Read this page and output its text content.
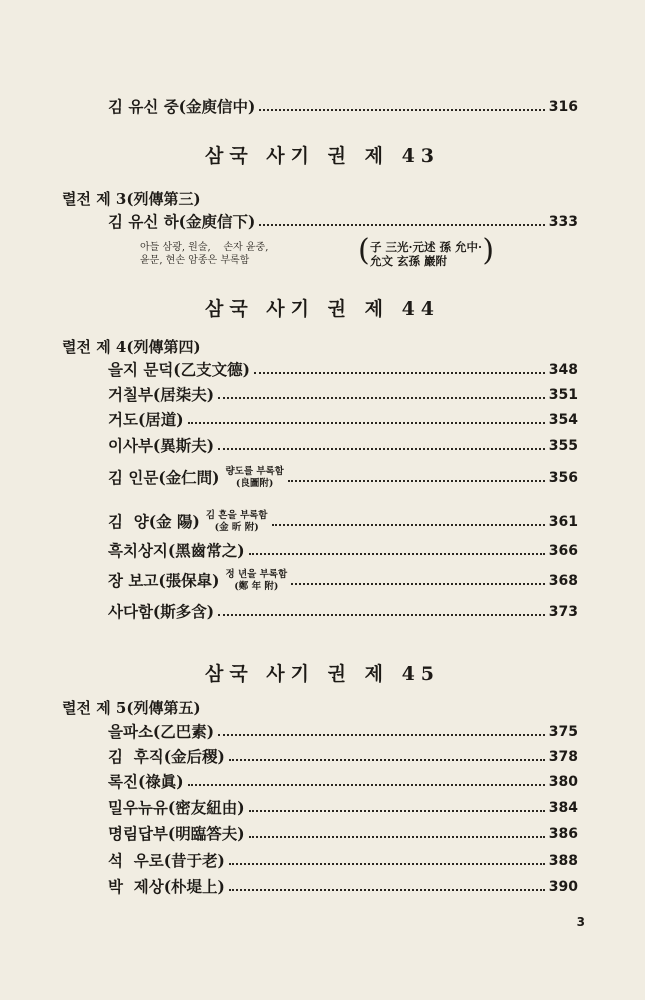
김 유신 중(金庾信中)	316
삼국 사기 권 제 43
렬전 제 3(列傳第三)
김 유신 하(金庾信下)	333
아들 삼광, 원술,    손자 윤중,
윤문, 현손 암종은 부록함
( 子 三光·元述 孫 允中·
允文 玄孫 巖附
)
삼국 사기 권 제 44
렬전 제 4(列傳第四)
을지 문덕(乙支文德)	348
거칠부(居柒夫)	351
거도(居道)	354
이사부(異斯夫)	355
김 인문(金仁問) 량도를 부록함
(良圖附)	356
김  양(金 陽) 김 흔을 부록함
(金 昕 附)	361
흑치상지(黑齒常之)	366
장 보고(張保皐) 정 년을 부록함
(鄭 年 附)	368
사다함(斯多含)	373
삼국 사기 권 제 45
렬전 제 5(列傳第五)
을파소(乙巴素)	375
김  후직(金后稷)	378
록진(祿眞)	380
밀우뉴유(密友紐由)	384
명림답부(明臨答夫)	386
석  우로(昔于老)	388
박  제상(朴堤上)	390
3
